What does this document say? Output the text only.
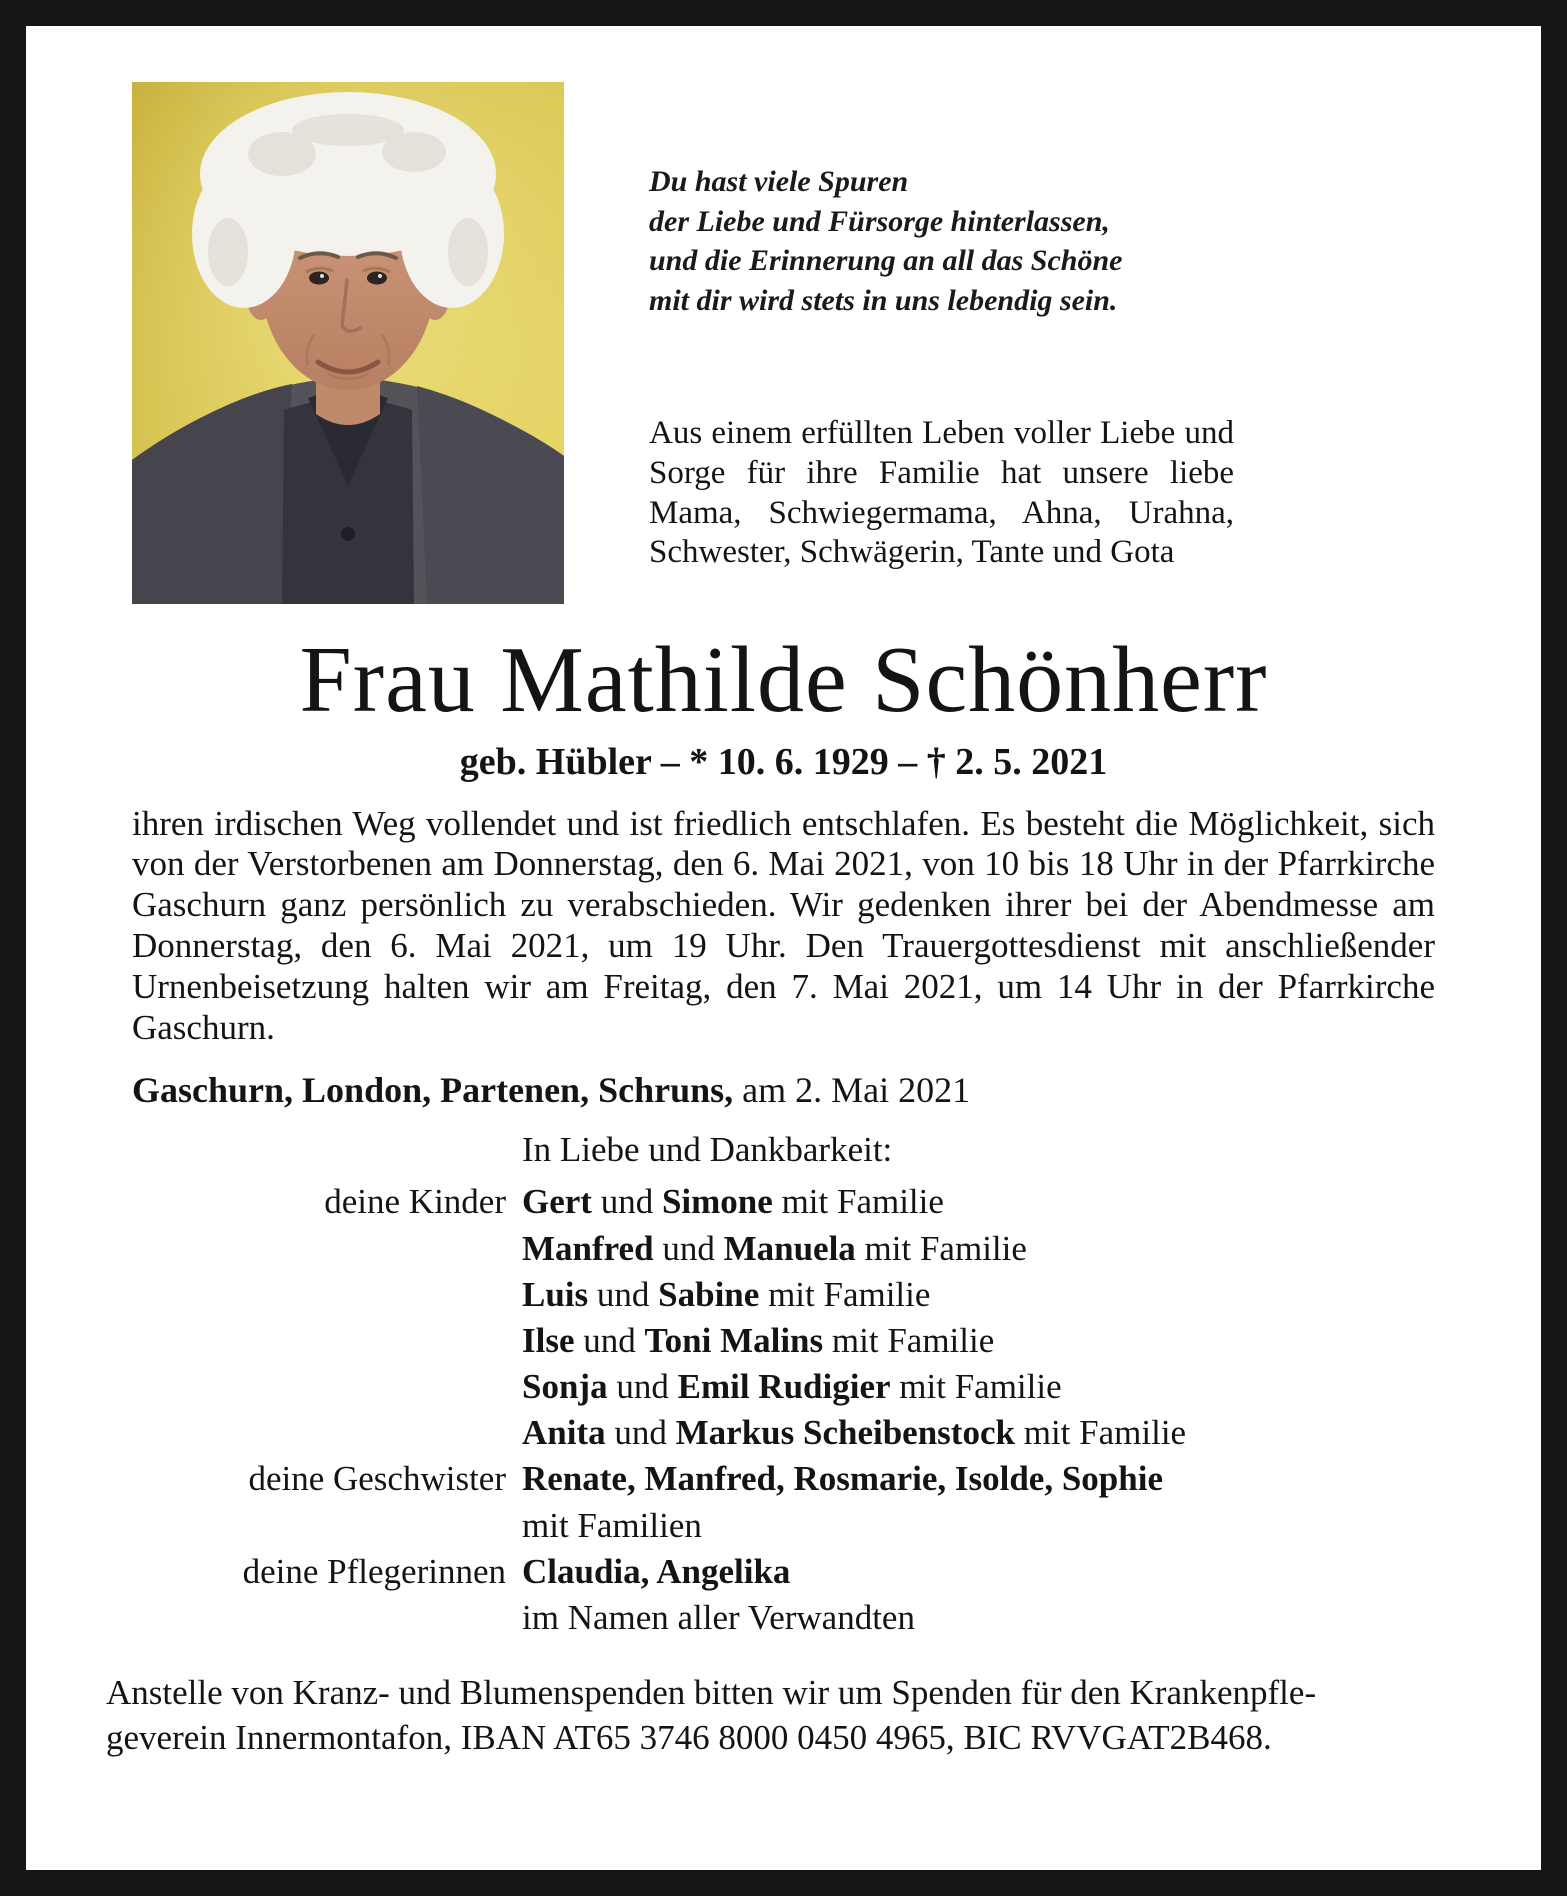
Du hast viele Spuren
der Liebe und Fürsorge hinterlassen,
und die Erinnerung an all das Schöne
mit dir wird stets in uns lebendig sein.

Aus einem erfüllten Leben voller Liebe und Sorge für ihre Familie hat unsere liebe Mama, Schwiegermama, Ahna, Urahna, Schwester, Schwägerin, Tante und Gota

Frau Mathilde Schönherr
geb. Hübler – * 10. 6. 1929 – † 2. 5. 2021

ihren irdischen Weg vollendet und ist friedlich entschlafen. Es besteht die Möglichkeit, sich von der Verstorbenen am Donnerstag, den 6. Mai 2021, von 10 bis 18 Uhr in der Pfarrkirche Gaschurn ganz persönlich zu verabschieden. Wir gedenken ihrer bei der Abendmesse am Donnerstag, den 6. Mai 2021, um 19 Uhr. Den Trauergottesdienst mit anschließender Urnenbeisetzung halten wir am Freitag, den 7. Mai 2021, um 14 Uhr in der Pfarrkirche Gaschurn.

Gaschurn, London, Partenen, Schruns, am 2. Mai 2021

In Liebe und Dankbarkeit:
deine Kinder Gert und Simone mit Familie
Manfred und Manuela mit Familie
Luis und Sabine mit Familie
Ilse und Toni Malins mit Familie
Sonja und Emil Rudigier mit Familie
Anita und Markus Scheibenstock mit Familie
deine Geschwister Renate, Manfred, Rosmarie, Isolde, Sophie
mit Familien
deine Pflegerinnen Claudia, Angelika
im Namen aller Verwandten

Anstelle von Kranz- und Blumenspenden bitten wir um Spenden für den Krankenpfle-
geverein Innermontafon, IBAN AT65 3746 8000 0450 4965, BIC RVVGAT2B468.
